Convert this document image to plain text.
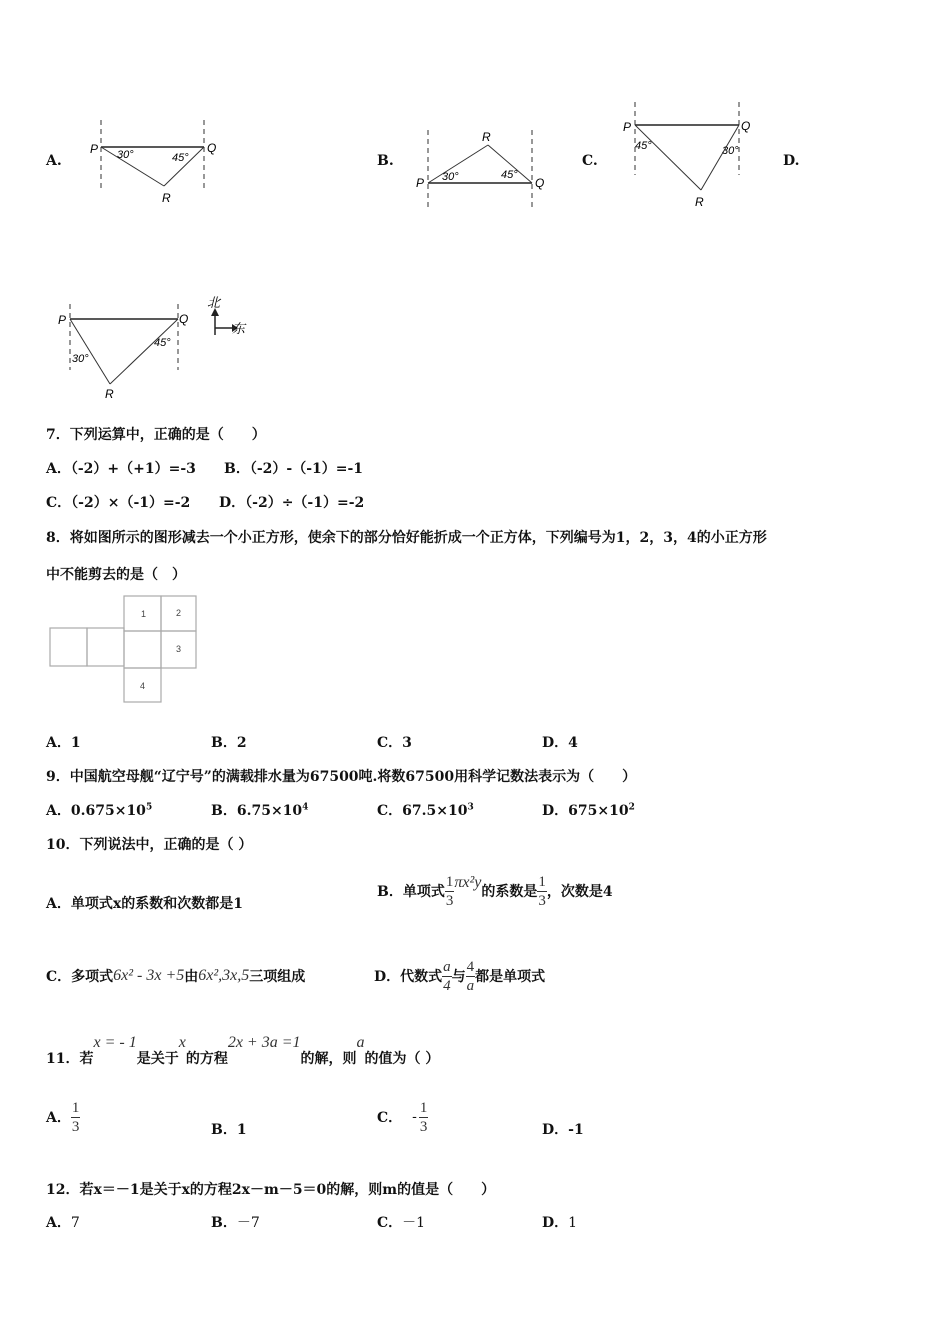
A.
P	Q
R
30°	45°	B.
P	Q
R
30°	45°
C.
P	Q
R
45°	30°
D.
P	Q
R
30°
45°
北
东
7．下列运算中，正确的是（　　）
A．（-2）+（+1）=-3 B．（-2）-（-1）=-1
C．（-2）×（-1）=-2 D．（-2）÷（-1）=-2
8．将如图所示的图形减去一个小正方形，使余下的部分恰好能折成一个正方体，下列编号为1，2，3，4的小正方形
中不能剪去的是（　）
1	2
3
4
A．1	B．2	C．3	D．4
9．中国航空母舰“辽宁号”的满载排水量为67500吨.将数67500用科学记数法表示为（　　）
A．$0.675\times 10^5$	B．$6.75\times 10^4$	C．$67.5\times 10^3$	D．$675\times 10^2$
10．下列说法中，正确的是（ ）
A．单项式x的系数和次数都是1
B． 单项式 $\frac{1}{3} \pi x^2y$
的系数是 $\frac{1}{3}$ ，次数是4
C． 多项式 6x² - 3x +5 由 6x²,3x,5 三项组成	D． 代数式 $\frac{a}{4}$ 与 $\frac{4}{a}$ 都是单项式
11．若
x = - 1
是关于
x
的方程
2x + 3a =1
的解，则
a
的值为（ ）
A． $\frac{1}{3}$	B．1
C． - $\frac{1}{3}$	D．-1
12．若x＝－1是关于x的方程2x－m－5＝0的解，则m的值是（　　）
A．7	B．－7	C．－1	D．1
